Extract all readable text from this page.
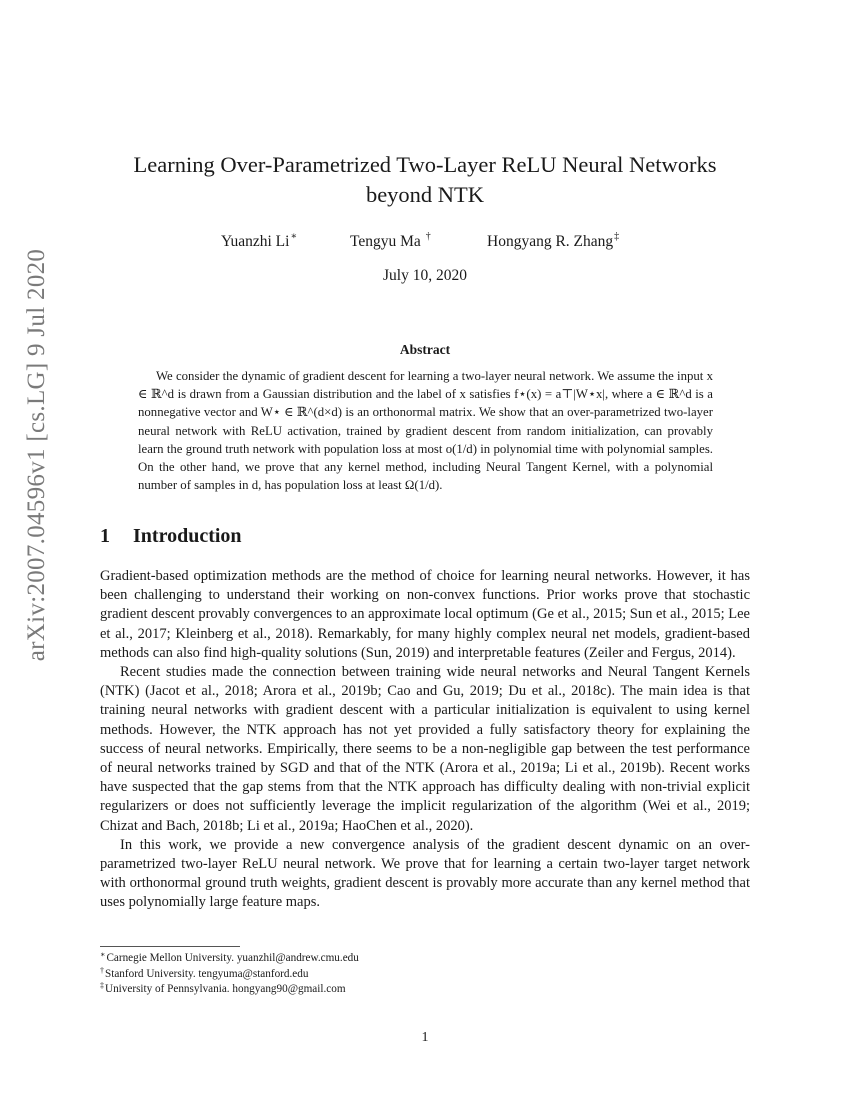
arXiv:2007.04596v1 [cs.LG] 9 Jul 2020
Learning Over-Parametrized Two-Layer ReLU Neural Networks
beyond NTK
Yuanzhi Li∗	Tengyu Ma †	Hongyang R. Zhang‡
July 10, 2020
Abstract
We consider the dynamic of gradient descent for learning a two-layer neural network. We assume the input x ∈ ℝ^d is drawn from a Gaussian distribution and the label of x satisfies f⋆(x) = a⊤|W⋆x|, where a ∈ ℝ^d is a nonnegative vector and W⋆ ∈ ℝ^(d×d) is an orthonormal matrix. We show that an over-parametrized two-layer neural network with ReLU activation, trained by gradient descent from random initialization, can provably learn the ground truth network with population loss at most o(1/d) in polynomial time with polynomial samples. On the other hand, we prove that any kernel method, including Neural Tangent Kernel, with a polynomial number of samples in d, has population loss at least Ω(1/d).
1 Introduction

Gradient-based optimization methods are the method of choice for learning neural networks. However, it has been challenging to understand their working on non-convex functions. Prior works prove that stochastic gradient descent provably convergences to an approximate local optimum (Ge et al., 2015; Sun et al., 2015; Lee et al., 2017; Kleinberg et al., 2018). Remarkably, for many highly complex neural net models, gradient-based methods can also find high-quality solutions (Sun, 2019) and interpretable features (Zeiler and Fergus, 2014).

Recent studies made the connection between training wide neural networks and Neural Tangent Kernels (NTK) (Jacot et al., 2018; Arora et al., 2019b; Cao and Gu, 2019; Du et al., 2018c). The main idea is that training neural networks with gradient descent with a particular initialization is equivalent to using kernel methods. However, the NTK approach has not yet provided a fully satisfactory theory for explaining the success of neural networks. Empirically, there seems to be a non-negligible gap between the test performance of neural networks trained by SGD and that of the NTK (Arora et al., 2019a; Li et al., 2019b). Recent works have suspected that the gap stems from that the NTK approach has difficulty dealing with non-trivial explicit regularizers or does not sufficiently leverage the implicit regularization of the algorithm (Wei et al., 2019; Chizat and Bach, 2018b; Li et al., 2019a; HaoChen et al., 2020).

In this work, we provide a new convergence analysis of the gradient descent dynamic on an over-parametrized two-layer ReLU neural network. We prove that for learning a certain two-layer target network with orthonormal ground truth weights, gradient descent is provably more accurate than any kernel method that uses polynomially large feature maps.

∗Carnegie Mellon University. yuanzhil@andrew.cmu.edu
†Stanford University. tengyuma@stanford.edu
‡University of Pennsylvania. hongyang90@gmail.com
1
